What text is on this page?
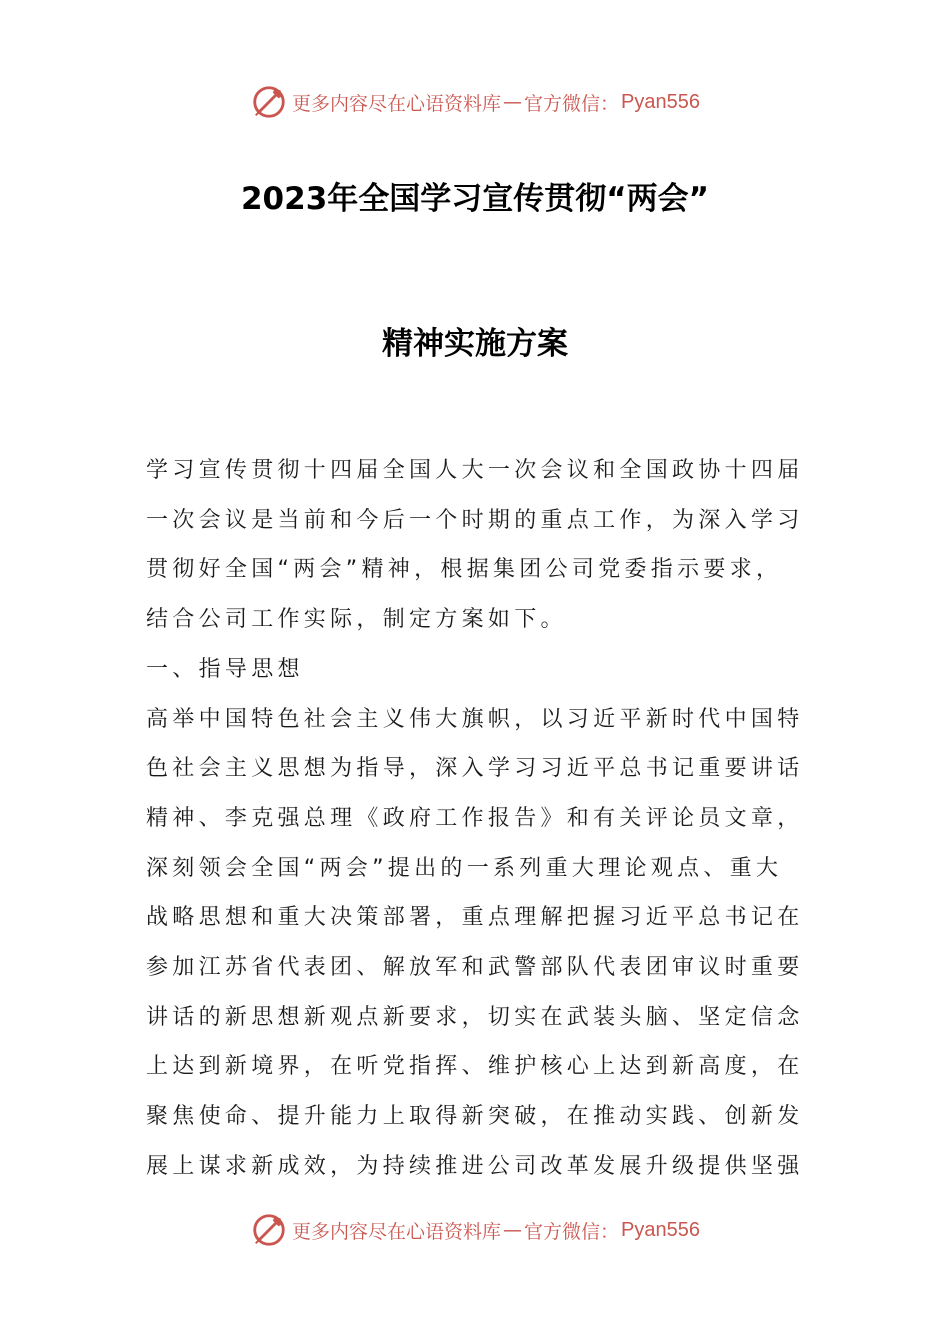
更多内容尽在心语资料库 — 官方微信： Pyan556
2023年全国学习宣传贯彻“两会”
精神实施方案

学习宣传贯彻十四届全国人大一次会议和全国政协十四届

一次会议是当前和今后一个时期的重点工作，为深入学习

贯彻好全国“两会”精神，根据集团公司党委指示要求，

结合公司工作实际，制定方案如下。

一、指导思想

高举中国特色社会主义伟大旗帜，以习近平新时代中国特

色社会主义思想为指导，深入学习习近平总书记重要讲话

精神、李克强总理《政府工作报告》和有关评论员文章，

深刻领会全国“两会”提出的一系列重大理论观点、重大

战略思想和重大决策部署，重点理解把握习近平总书记在

参加江苏省代表团、解放军和武警部队代表团审议时重要

讲话的新思想新观点新要求，切实在武装头脑、坚定信念

上达到新境界，在听党指挥、维护核心上达到新高度，在

聚焦使命、提升能力上取得新突破，在推动实践、创新发

展上谋求新成效，为持续推进公司改革发展升级提供坚强

更多内容尽在心语资料库 — 官方微信： Pyan556
